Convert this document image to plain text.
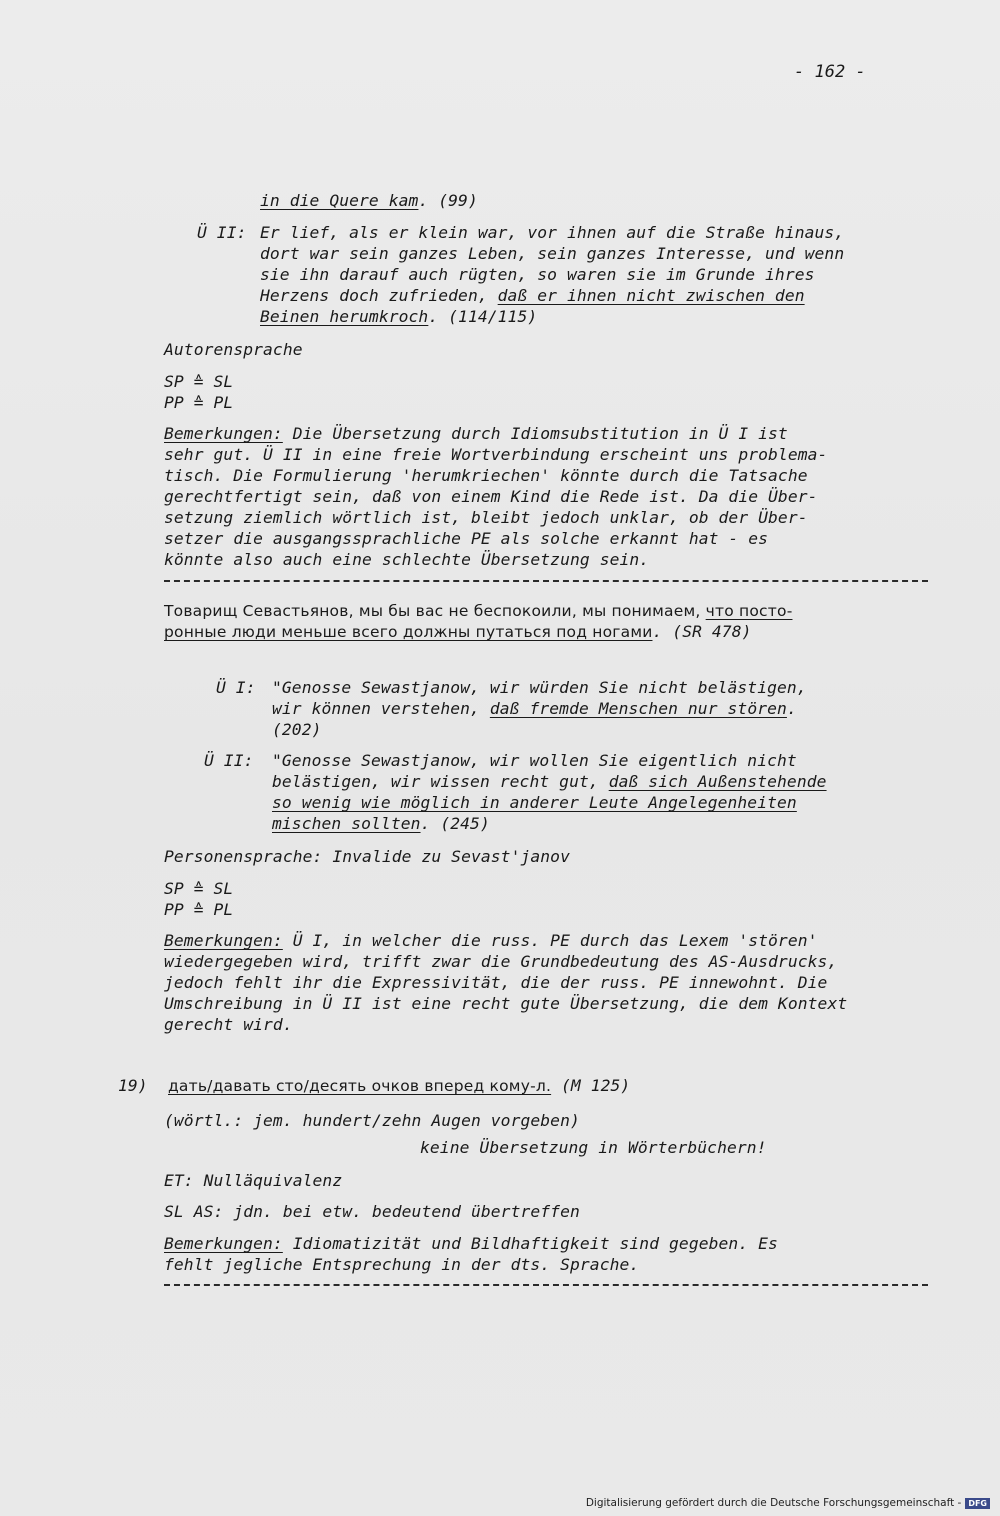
- 162 -
in die Quere kam. (99)
Ü II: Er lief, als er klein war, vor ihnen auf die Straße hinaus,
dort war sein ganzes Leben, sein ganzes Interesse, und wenn
sie ihn darauf auch rügten, so waren sie im Grunde ihres
Herzens doch zufrieden, daß er ihnen nicht zwischen den
Beinen herumkroch. (114/115)
Autorensprache
SP ≙ SL
PP ≙ PL
Bemerkungen: Die Übersetzung durch Idiomsubstitution in Ü I ist
sehr gut. Ü II in eine freie Wortverbindung erscheint uns problema-
tisch. Die Formulierung 'herumkriechen' könnte durch die Tatsache
gerechtfertigt sein, daß von einem Kind die Rede ist. Da die Über-
setzung ziemlich wörtlich ist, bleibt jedoch unklar, ob der Über-
setzer die ausgangssprachliche PE als solche erkannt hat - es
könnte also auch eine schlechte Übersetzung sein.
Товарищ Севастьянов, мы бы вас не беспокоили, мы понимаем, что посто-
ронные люди меньше всего должны путаться под ногами. (SR 478)
Ü I: "Genosse Sewastjanow, wir würden Sie nicht belästigen,
wir können verstehen, daß fremde Menschen nur stören.
(202)
Ü II: "Genosse Sewastjanow, wir wollen Sie eigentlich nicht
belästigen, wir wissen recht gut, daß sich Außenstehende
so wenig wie möglich in anderer Leute Angelegenheiten
mischen sollten. (245)
Personensprache: Invalide zu Sevast'janov
SP ≙ SL
PP ≙ PL
Bemerkungen: Ü I, in welcher die russ. PE durch das Lexem 'stören'
wiedergegeben wird, trifft zwar die Grundbedeutung des AS-Ausdrucks,
jedoch fehlt ihr die Expressivität, die der russ. PE innewohnt. Die
Umschreibung in Ü II ist eine recht gute Übersetzung, die dem Kontext
gerecht wird.
19) дать/давать сто/десять очков вперед кому-л. (M 125)
(wörtl.: jem. hundert/zehn Augen vorgeben)
keine Übersetzung in Wörterbüchern!
ET: Nulläquivalenz
SL AS: jdn. bei etw. bedeutend übertreffen
Bemerkungen: Idiomatizität und Bildhaftigkeit sind gegeben. Es
fehlt jegliche Entsprechung in der dts. Sprache.
Digitalisierung gefördert durch die Deutsche Forschungsgemeinschaft - DFG
